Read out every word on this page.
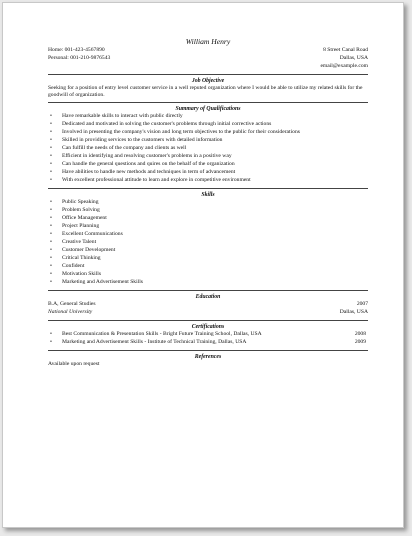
William Henry
Home: 001-423-4567890
Personal: 001-210-9876543
8 Street Canal Road
Dallas, USA
email@example.com
Job Objective

Seeking for a position of entry level customer service in a well reputed organization where I would be able to utilize my related skills for the goodwill of organization.

Summary of Qualifications
• Have remarkable skills to interact with public directly
• Dedicated and motivated in solving the customer's problems through initial corrective actions
• Involved in presenting the company's vision and long term objectives to the public for their considerations
• Skilled in providing services to the customers with detailed information
• Can fulfill the needs of the company and clients as well
• Efficient in identifying and resolving customer's problems in a positive way
• Can handle the general questions and quires on the behalf of the organization
• Have abilities to handle new methods and techniques in term of advancement
• With excellent professional attitude to learn and explore in competitive environment
Skills
• Public Speaking
• Problem Solving
• Office Management
• Project Planning
• Excellent Communications
• Creative Talent
• Customer Development
• Critical Thinking
• Confident
• Motivation Skills
• Marketing and Advertisement Skills
Education
B.A, General Studies	2007
National University	Dallas, USA
Certifications
• Best Communication & Presentation Skills - Bright Future Training School, Dallas, USA	2008
• Marketing and Advertisement Skills - Institute of Technical Training, Dallas, USA	2009
References

Available upon request
